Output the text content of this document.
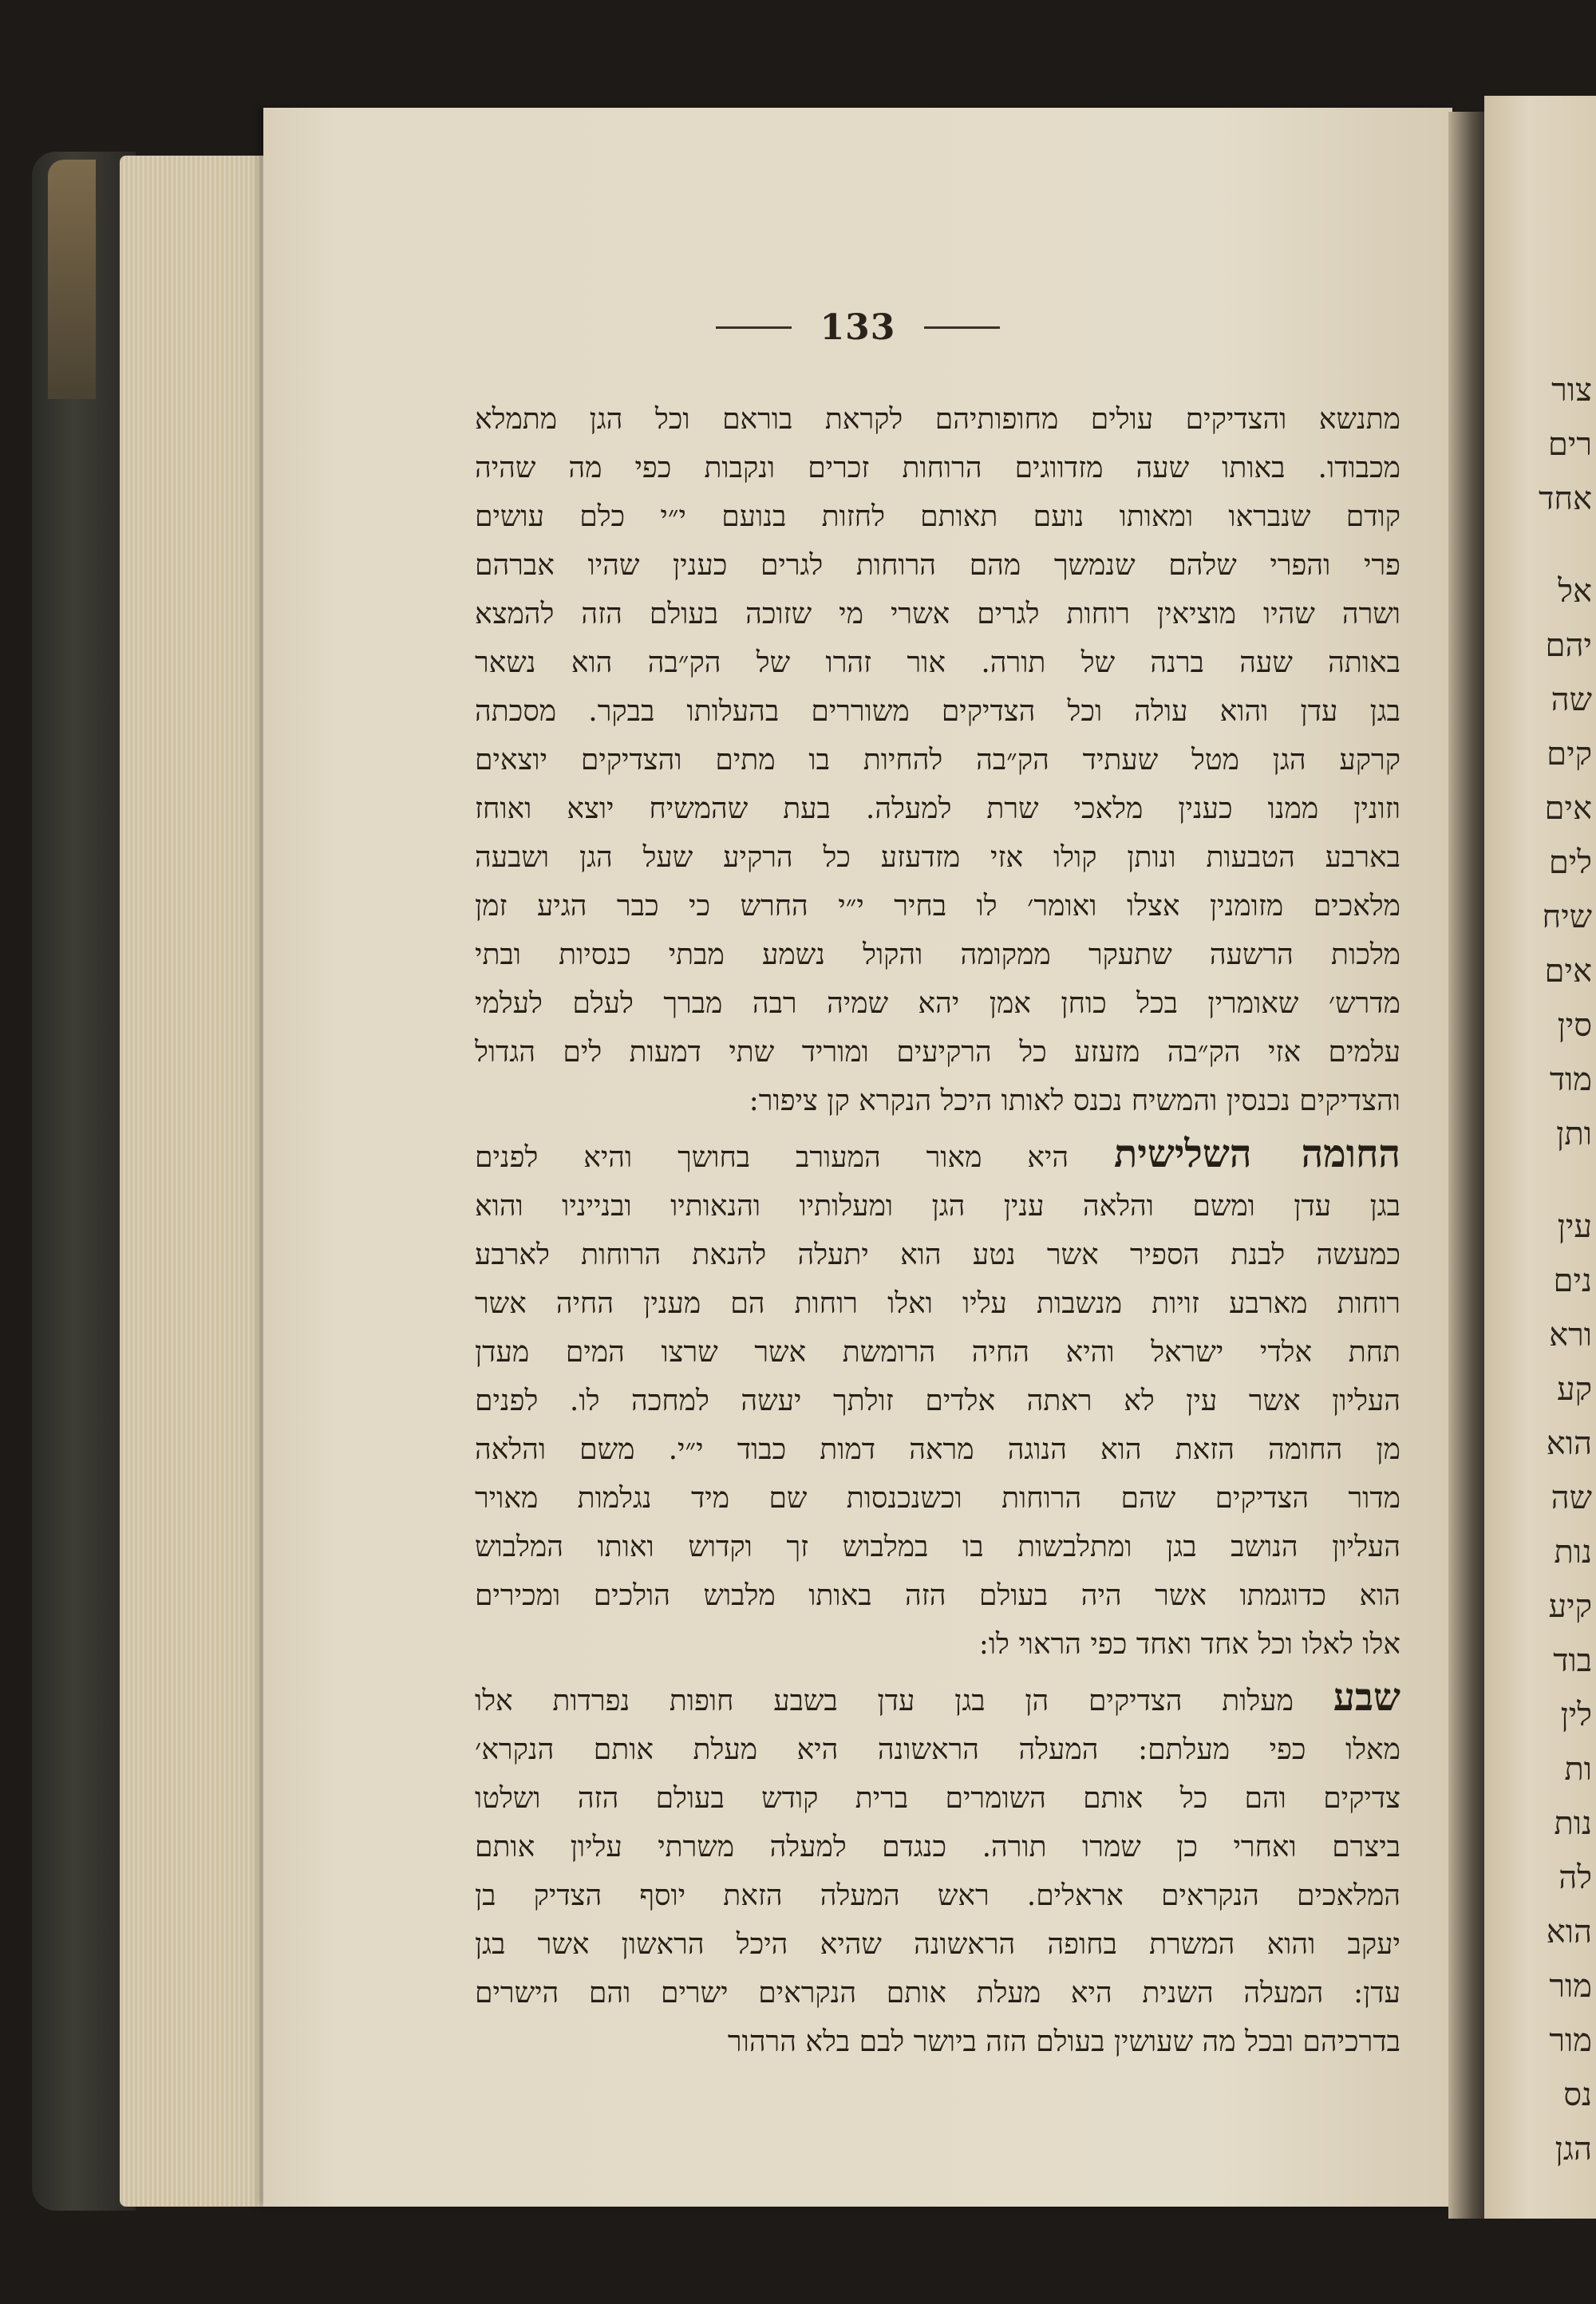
133
מתנשא והצדיקים עולים מחופותיהם לקראת בוראם וכל הגן מתמלא
מכבודו. באותו שעה מזדווגים הרוחות זכרים ונקבות כפי מה שהיה
קודם שנבראו ומאותו נועם תאותם לחזות בנועם י״י כלם עושים
פרי והפרי שלהם שנמשך מהם הרוחות לגרים כענין שהיו אברהם
ושרה שהיו מוציאין רוחות לגרים אשרי מי שזוכה בעולם הזה להמצא
באותה שעה ברנה של תורה. אור זהרו של הק״בה הוא נשאר
בגן עדן והוא עולה וכל הצדיקים משוררים בהעלותו בבקר. מסכתה
קרקע הגן מטל שעתיד הק״בה להחיות בו מתים והצדיקים יוצאים
וזונין ממנו כענין מלאכי שרת למעלה. בעת שהמשיח יוצא ואוחז
בארבע הטבעות ונותן קולו אזי מזדעזע כל הרקיע שעל הגן ושבעה
מלאכים מזומנין אצלו ואומר׳ לו בחיר י״י החרש כי כבר הגיע זמן
מלכות הרשעה שתעקר ממקומה והקול נשמע מבתי כנסיות ובתי
מדרש׳ שאומרין בכל כוחן אמן יהא שמיה רבה מברך לעלם לעלמי
עלמים אזי הק״בה מזעזע כל הרקיעים ומוריד שתי דמעות לים הגדול
והצדיקים נכנסין והמשיח נכנס לאותו היכל הנקרא קן ציפור:
החומה השלישית היא מאור המעורב בחושך והיא לפנים
בגן עדן ומשם והלאה ענין הגן ומעלותיו והנאותיו ובנייניו והוא
כמעשה לבנת הספיר אשר נטע הוא יתעלה להנאת הרוחות לארבע
רוחות מארבע זויות מנשבות עליו ואלו רוחות הם מענין החיה אשר
תחת אלדי ישראל והיא החיה הרומשת אשר שרצו המים מעדן
העליון אשר עין לא ראתה אלדים זולתך יעשה למחכה לו. לפנים
מן החומה הזאת הוא הנוגה מראה דמות כבוד י״י. משם והלאה
מדור הצדיקים שהם הרוחות וכשנכנסות שם מיד נגלמות מאויר
העליון הנושב בגן ומתלבשות בו במלבוש זך וקדוש ואותו המלבוש
הוא כדוגמתו אשר היה בעולם הזה באותו מלבוש הולכים ומכירים
אלו לאלו וכל אחד ואחד כפי הראוי לו:
שבע מעלות הצדיקים הן בגן עדן בשבע חופות נפרדות אלו
מאלו כפי מעלתם: המעלה הראשונה היא מעלת אותם הנקרא׳
צדיקים והם כל אותם השומרים ברית קודש בעולם הזה ושלטו
ביצרם ואחרי כן שמרו תורה. כנגדם למעלה משרתי עליון אותם
המלאכים הנקראים אראלים. ראש המעלה הזאת יוסף הצדיק בן
יעקב והוא המשרת בחופה הראשונה שהיא היכל הראשון אשר בגן
עדן: המעלה השנית היא מעלת אותם הנקראים ישרים והם הישרים
בדרכיהם ובכל מה שעושין בעולם הזה ביושר לבם בלא הרהור
צור
רים
אחד
אל
יהם
שה
קים
אים
לים
שיח
אים
סין
מוד
ותן
עין
נים
ורא
קע
הוא
שה
נות
קיע
בוד
לין
ות
נות
לה
הוא
מור
מור
נס
הגן
